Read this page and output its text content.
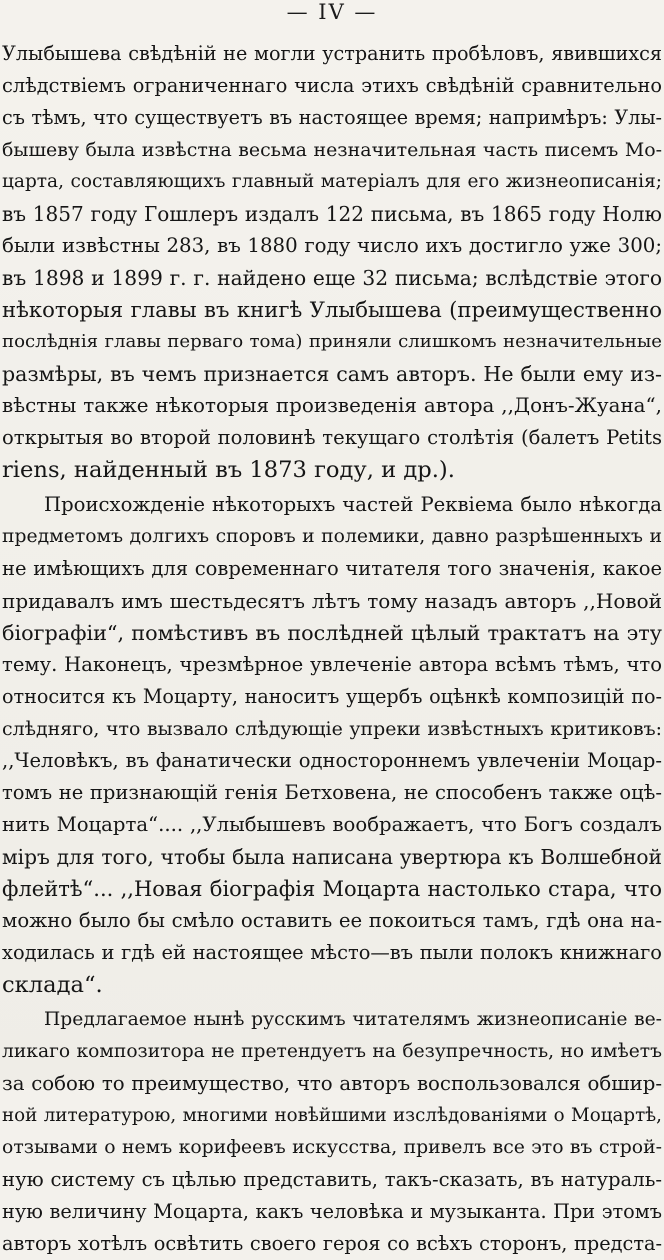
— IV —
Улыбышева свѣдѣній не могли устранить пробѣловъ, явившихся
слѣдствіемъ ограниченнаго числа этихъ свѣдѣній сравнительно
съ тѣмъ, что существуетъ въ настоящее время; напримѣръ: Улы-
бышеву была извѣстна весьма незначительная часть писемъ Мо-
царта, составляющихъ главный матеріалъ для его жизнеописанія;
въ 1857 году Гошлеръ издалъ 122 письма, въ 1865 году Нолю
были извѣстны 283, въ 1880 году число ихъ достигло уже 300;
въ 1898 и 1899 г. г. найдено еще 32 письма; вслѣдствіе этого
нѣкоторыя главы въ книгѣ Улыбышева (преимущественно
послѣднія главы перваго тома) приняли слишкомъ незначительные
размѣры, въ чемъ признается самъ авторъ. Не были ему из-
вѣстны также нѣкоторыя произведенія автора ,,Донъ-Жуана“,
открытыя во второй половинѣ текущаго столѣтія (балетъ Petits
riens, найденный въ 1873 году, и др.).
Происхожденіе нѣкоторыхъ частей Реквіема было нѣкогда
предметомъ долгихъ споровъ и полемики, давно разрѣшенныхъ и
не имѣющихъ для современнаго читателя того значенія, какое
придавалъ имъ шестьдесятъ лѣтъ тому назадъ авторъ ,,Новой
біографіи“, помѣстивъ въ послѣдней цѣлый трактатъ на эту
тему. Наконецъ, чрезмѣрное увлеченіе автора всѣмъ тѣмъ, что
относится къ Моцарту, наноситъ ущербъ оцѣнкѣ композицій по-
слѣдняго, что вызвало слѣдующіе упреки извѣстныхъ критиковъ:
,,Человѣкъ, въ фанатически одностороннемъ увлеченіи Моцар-
томъ не признающій генія Бетховена, не способенъ также оцѣ-
нить Моцарта“.... ,,Улыбышевъ воображаетъ, что Богъ создалъ
міръ для того, чтобы была написана увертюра къ Волшебной
флейтѣ“... ,,Новая біографія Моцарта настолько стара, что
можно было бы смѣло оставить ее покоиться тамъ, гдѣ она на-
ходилась и гдѣ ей настоящее мѣсто—въ пыли полокъ книжнаго
склада“.
Предлагаемое нынѣ русскимъ читателямъ жизнеописаніе ве-
ликаго композитора не претендуетъ на безупречность, но имѣетъ
за собою то преимущество, что авторъ воспользовался обшир-
ной литературою, многими новѣйшими изслѣдованіями о Моцартѣ,
отзывами о немъ корифеевъ искусства, привелъ все это въ строй-
ную систему съ цѣлью представить, такъ-сказать, въ натураль-
ную величину Моцарта, какъ человѣка и музыканта. При этомъ
авторъ хотѣлъ освѣтить своего героя со всѣхъ сторонъ, предста-
